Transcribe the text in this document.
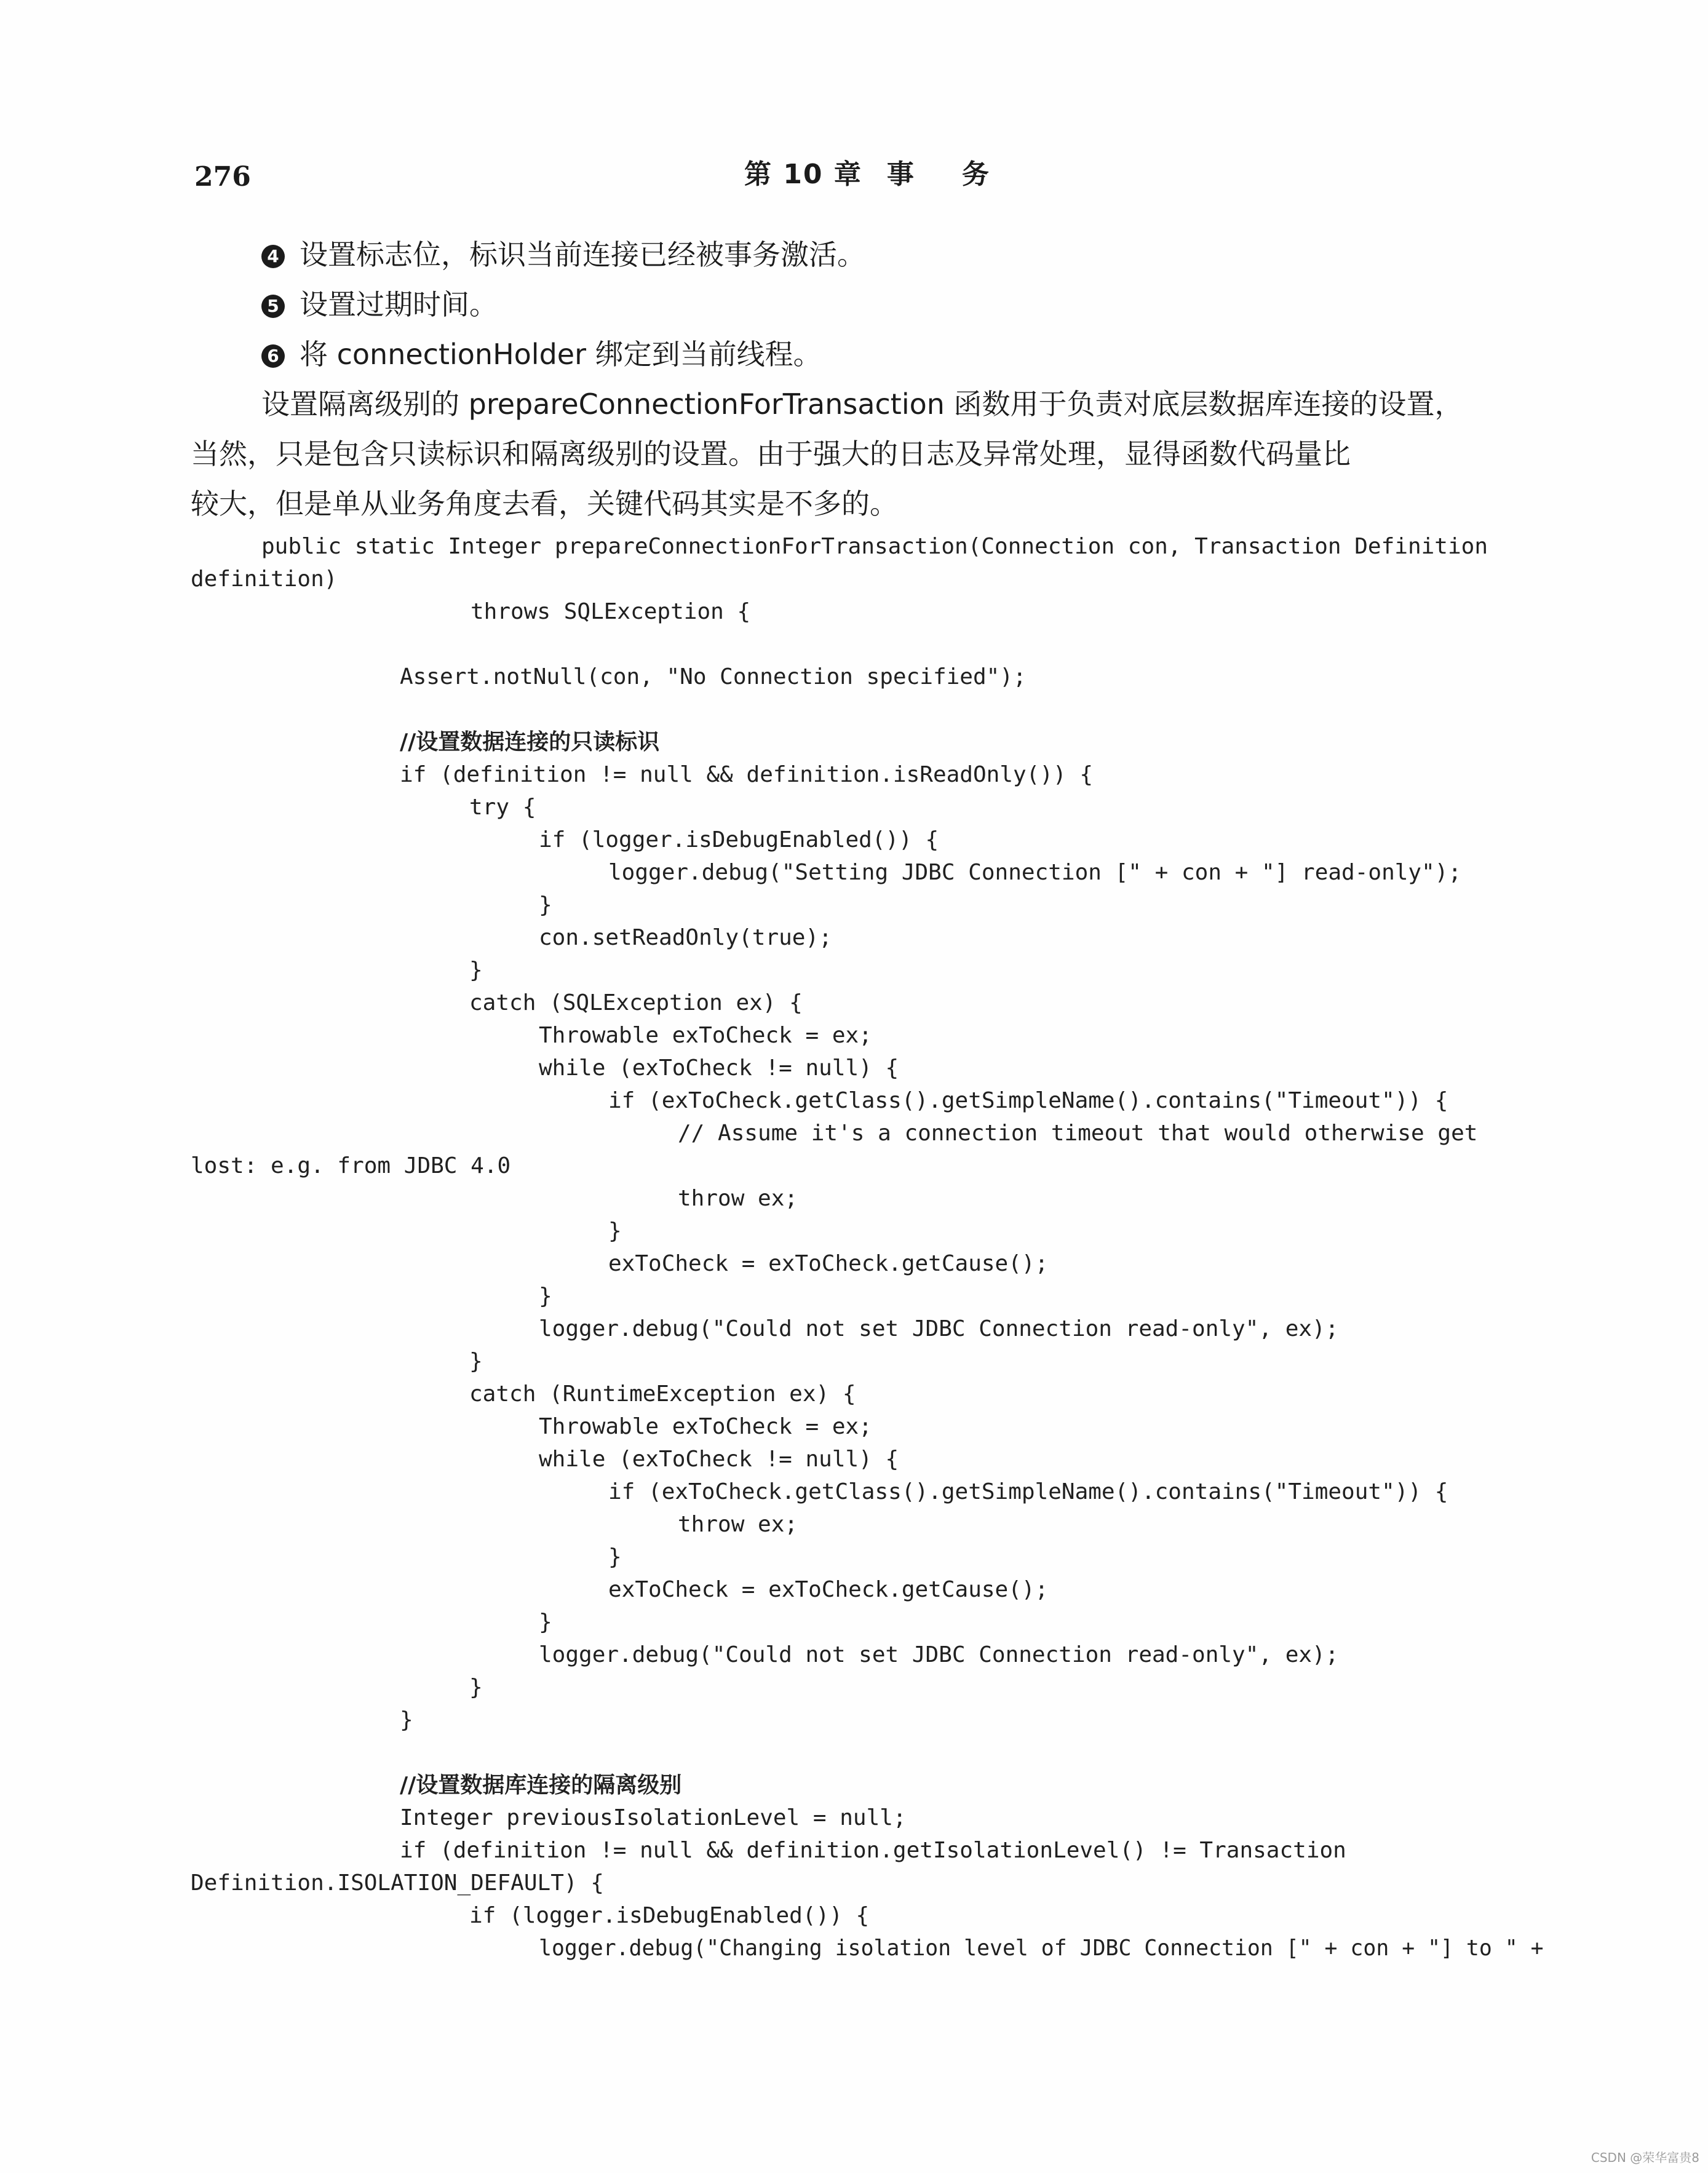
276	第 10 章 事 务
4 设置标志位，标识当前连接已经被事务激活。
5 设置过期时间。
6 将 connectionHolder 绑定到当前线程。
设置隔离级别的 prepareConnectionForTransaction 函数用于负责对底层数据库连接的设置，
当然，只是包含只读标识和隔离级别的设置。由于强大的日志及异常处理，显得函数代码量比
较大，但是单从业务角度去看，关键代码其实是不多的。
public static Integer prepareConnectionForTransaction(Connection con, Transaction Definition
definition)
throws SQLException {
Assert.notNull(con, "No Connection specified");
//设置数据连接的只读标识
if (definition != null && definition.isReadOnly()) {
try {
if (logger.isDebugEnabled()) {
logger.debug("Setting JDBC Connection [" + con + "] read-only");
}
con.setReadOnly(true);
}
catch (SQLException ex) {
Throwable exToCheck = ex;
while (exToCheck != null) {
if (exToCheck.getClass().getSimpleName().contains("Timeout")) {
// Assume it's a connection timeout that would otherwise get
lost: e.g. from JDBC 4.0
throw ex;
}
exToCheck = exToCheck.getCause();
}
logger.debug("Could not set JDBC Connection read-only", ex);
}
catch (RuntimeException ex) {
Throwable exToCheck = ex;
while (exToCheck != null) {
if (exToCheck.getClass().getSimpleName().contains("Timeout")) {
throw ex;
}
exToCheck = exToCheck.getCause();
}
logger.debug("Could not set JDBC Connection read-only", ex);
}
}
//设置数据库连接的隔离级别
Integer previousIsolationLevel = null;
if (definition != null && definition.getIsolationLevel() != Transaction
Definition.ISOLATION_DEFAULT) {
if (logger.isDebugEnabled()) {
logger.debug("Changing isolation level of JDBC Connection [" + con + "] to " +
CSDN @荣华富贵8
